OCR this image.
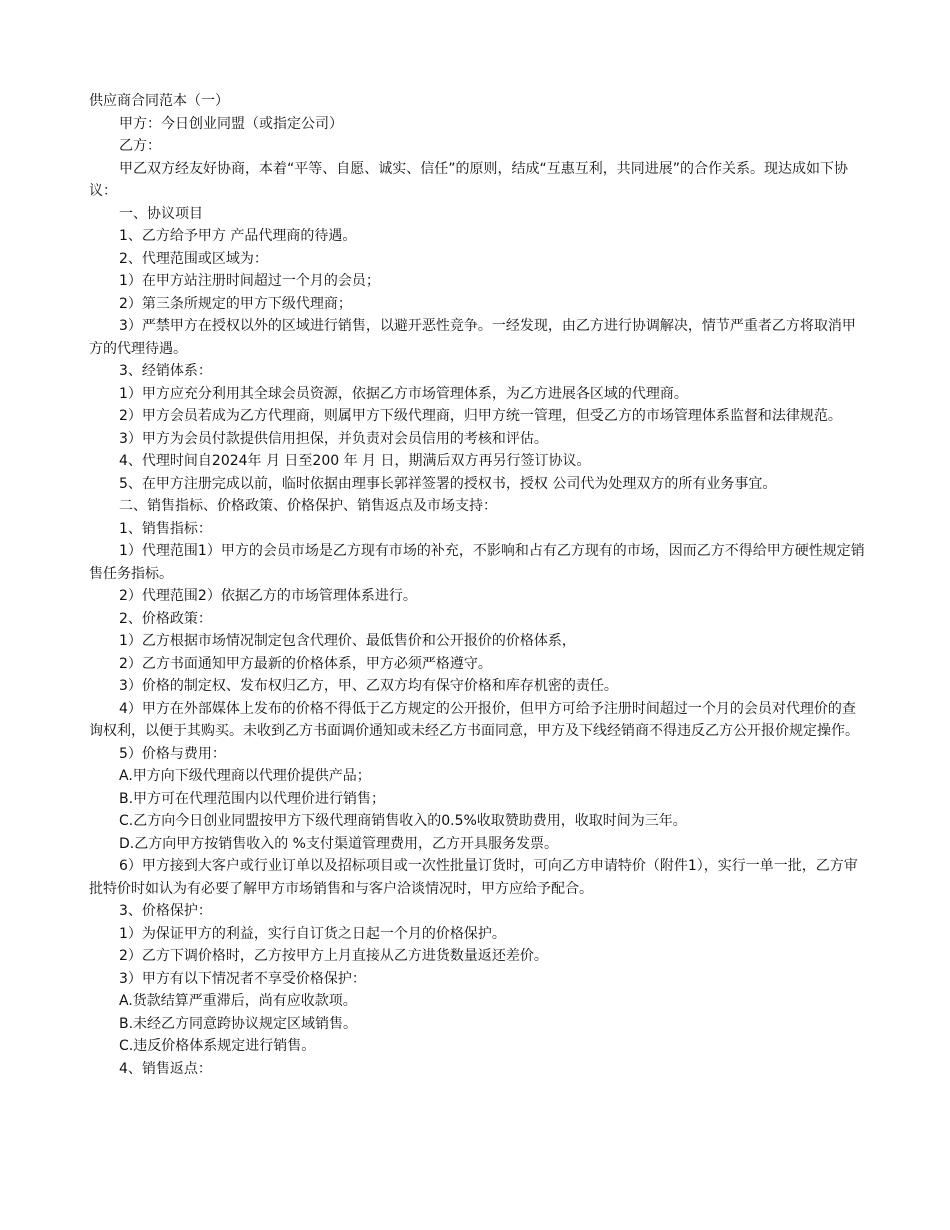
供应商合同范本（一）

甲方：今日创业同盟（或指定公司）

乙方：

甲乙双方经友好协商，本着“平等、自愿、诚实、信任”的原则，结成“互惠互利，共同进展”的合作关系。现达成如下协议：

一、协议项目

1、乙方给予甲方 产品代理商的待遇。

2、代理范围或区域为：

1）在甲方站注册时间超过一个月的会员；

2）第三条所规定的甲方下级代理商；

3）严禁甲方在授权以外的区域进行销售，以避开恶性竞争。一经发现，由乙方进行协调解决，情节严重者乙方将取消甲方的代理待遇。

3、经销体系：

1）甲方应充分利用其全球会员资源，依据乙方市场管理体系，为乙方进展各区域的代理商。

2）甲方会员若成为乙方代理商，则属甲方下级代理商，归甲方统一管理，但受乙方的市场管理体系监督和法律规范。

3）甲方为会员付款提供信用担保，并负责对会员信用的考核和评估。

4、代理时间自2024年 月 日至200 年 月 日，期满后双方再另行签订协议。

5、在甲方注册完成以前，临时依据由理事长郭祥签署的授权书，授权 公司代为处理双方的所有业务事宜。

二、销售指标、价格政策、价格保护、销售返点及市场支持：

1、销售指标：

1）代理范围1）甲方的会员市场是乙方现有市场的补充，不影响和占有乙方现有的市场，因而乙方不得给甲方硬性规定销售任务指标。

2）代理范围2）依据乙方的市场管理体系进行。

2、价格政策：

1）乙方根据市场情况制定包含代理价、最低售价和公开报价的价格体系，

2）乙方书面通知甲方最新的价格体系，甲方必须严格遵守。

3）价格的制定权、发布权归乙方，甲、乙双方均有保守价格和库存机密的责任。

4）甲方在外部媒体上发布的价格不得低于乙方规定的公开报价，但甲方可给予注册时间超过一个月的会员对代理价的查询权利，以便于其购买。未收到乙方书面调价通知或未经乙方书面同意，甲方及下线经销商不得违反乙方公开报价规定操作。

5）价格与费用：

A.甲方向下级代理商以代理价提供产品；

B.甲方可在代理范围内以代理价进行销售；

C.乙方向今日创业同盟按甲方下级代理商销售收入的0.5%收取赞助费用，收取时间为三年。

D.乙方向甲方按销售收入的 %支付渠道管理费用，乙方开具服务发票。

6）甲方接到大客户或行业订单以及招标项目或一次性批量订货时，可向乙方申请特价（附件1），实行一单一批，乙方审批特价时如认为有必要了解甲方市场销售和与客户洽谈情况时，甲方应给予配合。

3、价格保护：

1）为保证甲方的利益，实行自订货之日起一个月的价格保护。

2）乙方下调价格时，乙方按甲方上月直接从乙方进货数量返还差价。

3）甲方有以下情况者不享受价格保护：

A.货款结算严重滞后，尚有应收款项。

B.未经乙方同意跨协议规定区域销售。

C.违反价格体系规定进行销售。

4、销售返点：
